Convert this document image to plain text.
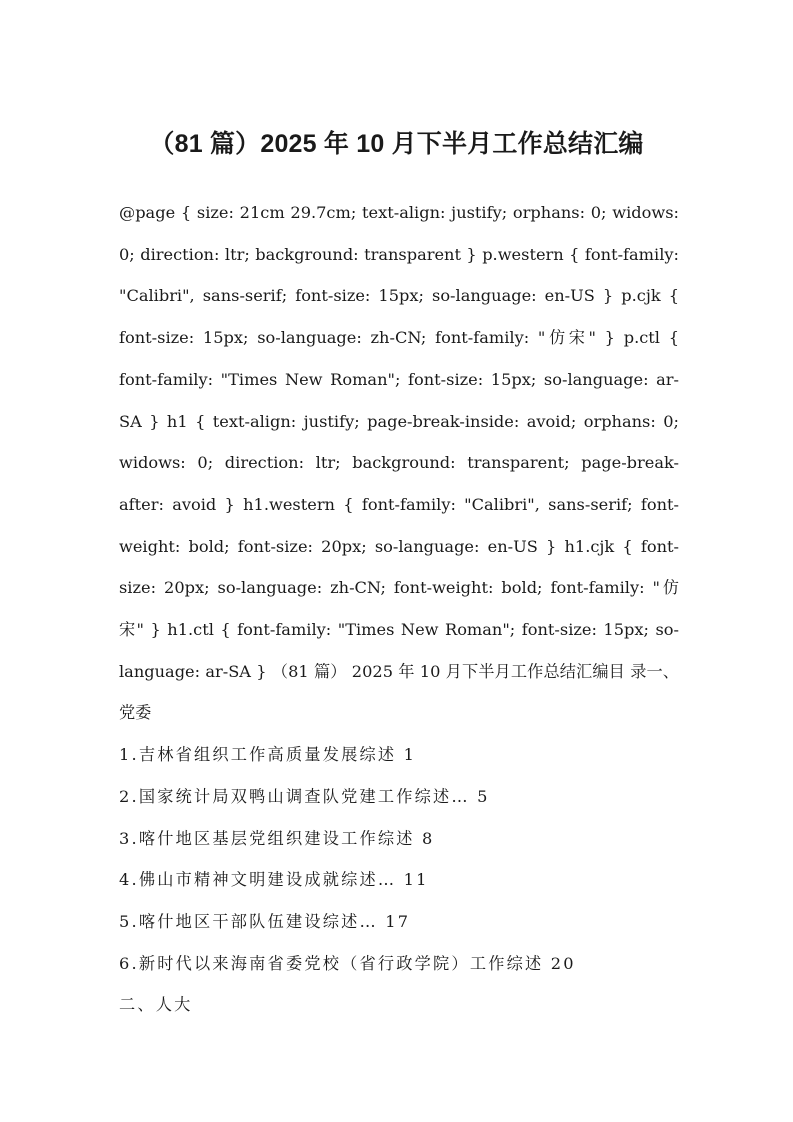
（81 篇）2025 年 10 月下半月工作总结汇编

@page { size: 21cm 29.7cm; text-align: justify; orphans: 0; widows: 0; direction: ltr; background: transparent } p.western { font-family: "Calibri", sans-serif; font-size: 15px; so-language: en-US } p.cjk { font-size: 15px; so-language: zh-CN; font-family: "仿宋" } p.ctl { font-family: "Times New Roman"; font-size: 15px; so-language: ar-SA } h1 { text-align: justify; page-break-inside: avoid; orphans: 0; widows: 0; direction: ltr; background: transparent; page-break-after: avoid } h1.western { font-family: "Calibri", sans-serif; font-weight: bold; font-size: 20px; so-language: en-US } h1.cjk { font-size: 20px; so-language: zh-CN; font-weight: bold; font-family: "仿宋" } h1.ctl { font-family: "Times New Roman"; font-size: 15px; so-language: ar-SA } （81 篇） 2025 年 10 月下半月工作总结汇编目 录一、党委

1.吉林省组织工作高质量发展综述 1

2.国家统计局双鸭山调查队党建工作综述… 5

3.喀什地区基层党组织建设工作综述 8

4.佛山市精神文明建设成就综述… 11

5.喀什地区干部队伍建设综述… 17

6.新时代以来海南省委党校（省行政学院）工作综述 20

二、人大
